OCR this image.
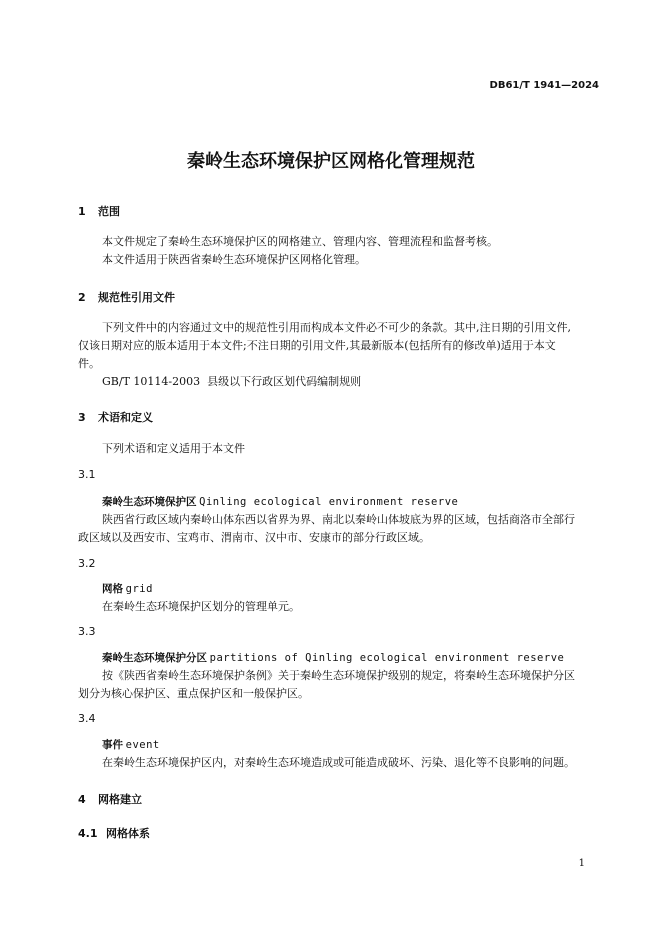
DB61/T 1941—2024
秦岭生态环境保护区网格化管理规范
1 范围
本文件规定了秦岭生态环境保护区的网格建立、管理内容、管理流程和监督考核。
本文件适用于陕西省秦岭生态环境保护区网格化管理。
2 规范性引用文件
下列文件中的内容通过文中的规范性引用而构成本文件必不可少的条款。其中,注日期的引用文件,
仅该日期对应的版本适用于本文件;不注日期的引用文件,其最新版本(包括所有的修改单)适用于本文
件。
GB/T 10114-2003  县级以下行政区划代码编制规则
3 术语和定义
下列术语和定义适用于本文件
3.1
秦岭生态环境保护区 Qinling ecological environment reserve
陕西省行政区域内秦岭山体东西以省界为界、南北以秦岭山体坡底为界的区域，包括商洛市全部行
政区域以及西安市、宝鸡市、渭南市、汉中市、安康市的部分行政区域。
3.2
网格 grid
在秦岭生态环境保护区划分的管理单元。
3.3
秦岭生态环境保护分区 partitions of Qinling ecological environment reserve
按《陕西省秦岭生态环境保护条例》关于秦岭生态环境保护级别的规定，将秦岭生态环境保护分区
划分为核心保护区、重点保护区和一般保护区。
3.4
事件 event
在秦岭生态环境保护区内，对秦岭生态环境造成或可能造成破坏、污染、退化等不良影响的问题。
4 网格建立
4.1 网格体系
1
